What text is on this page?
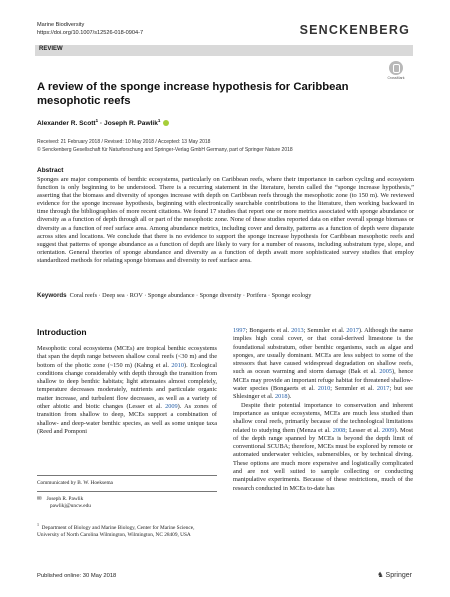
Marine Biodiversity
https://doi.org/10.1007/s12526-018-0904-7	SENCKENBERG
REVIEW
CrossMark
A review of the sponge increase hypothesis for Caribbean mesophotic reefs
Alexander R. Scott$^1$ · Joseph R. Pawlik$^1$
Received: 21 February 2018 / Revised: 10 May 2018 / Accepted: 13 May 2018
© Senckenberg Gesellschaft für Naturforschung and Springer-Verlag GmbH Germany, part of Springer Nature 2018
Abstract
Sponges are major components of benthic ecosystems, particularly on Caribbean reefs, where their importance in carbon cycling and ecosystem function is only beginning to be understood. There is a recurring statement in the literature, herein called the “sponge increase hypothesis,” asserting that the biomass and diversity of sponges increase with depth on Caribbean reefs through the mesophotic zone (to 150 m). We reviewed evidence for the sponge increase hypothesis, beginning with electronically searchable contributions to the literature, then working backward in time through the bibliographies of more recent citations. We found 17 studies that report one or more metrics associated with sponge abundance or diversity as a function of depth through all or part of the mesophotic zone. None of these studies reported data on either overall sponge biomass or diversity as a function of reef surface area. Among abundance metrics, including cover and density, patterns as a function of depth were disparate across sites and locations. We conclude that there is no evidence to support the sponge increase hypothesis for Caribbean mesophotic reefs and suggest that patterns of sponge abundance as a function of depth are likely to vary for a number of reasons, including substratum type, slope, and orientation. General theories of sponge abundance and diversity as a function of depth await more sophisticated survey studies that employ standardized methods for relating sponge biomass and diversity to reef surface area.
Keywords Coral reefs · Deep sea · ROV · Sponge abundance · Sponge diversity · Porifera · Sponge ecology
Introduction

Mesophotic coral ecosystems (MCEs) are tropical benthic ecosystems that span the depth range between shallow coral reefs (<30 m) and the bottom of the photic zone (~150 m) (Kahng et al. 2010). Ecological conditions change considerably with depth through the transition from shallow to deep benthic habitats; light attenuates almost completely, temperature decreases moderately, nutrients and particulate organic matter increase, and turbulent flow decreases, as well as a variety of other abiotic and biotic changes (Lesser et al. 2009). As zones of transition from shallow to deep, MCEs support a combination of shallow- and deep-water benthic species, as well as some unique taxa (Reed and Pomponi

1997; Bongaerts et al. 2013; Semmler et al. 2017). Although the name implies high coral cover, or that coral-derived limestone is the foundational substratum, other benthic organisms, such as algae and sponges, are usually dominant. MCEs are less subject to some of the stressors that have caused widespread degradation on shallow reefs, such as ocean warming and storm damage (Bak et al. 2005), hence MCEs may provide an important refuge habitat for threatened shallow-water species (Bongaerts et al. 2010; Semmler et al. 2017; but see Shlesinger et al. 2018).

Despite their potential importance to conservation and inherent importance as unique ecosystems, MCEs are much less studied than shallow coral reefs, primarily because of the technological limitations related to studying them (Menza et al. 2008; Lesser et al. 2009). Most of the depth range spanned by MCEs is beyond the depth limit of conventional SCUBA; therefore, MCEs must be explored by remote or automated underwater vehicles, submersibles, or by technical diving. These options are much more expensive and logistically complicated and are not well suited to sample collecting or conducting manipulative experiments. Because of these restrictions, much of the research conducted in MCEs to-date has

Communicated by B. W. Hoeksema
✉ Joseph R. Pawlik
pawlikj@uncw.edu
$^1$  Department of Biology and Marine Biology, Center for Marine Science, University of North Carolina Wilmington, Wilmington, NC 28409, USA
Published online: 30 May 2018	♞ Springer
